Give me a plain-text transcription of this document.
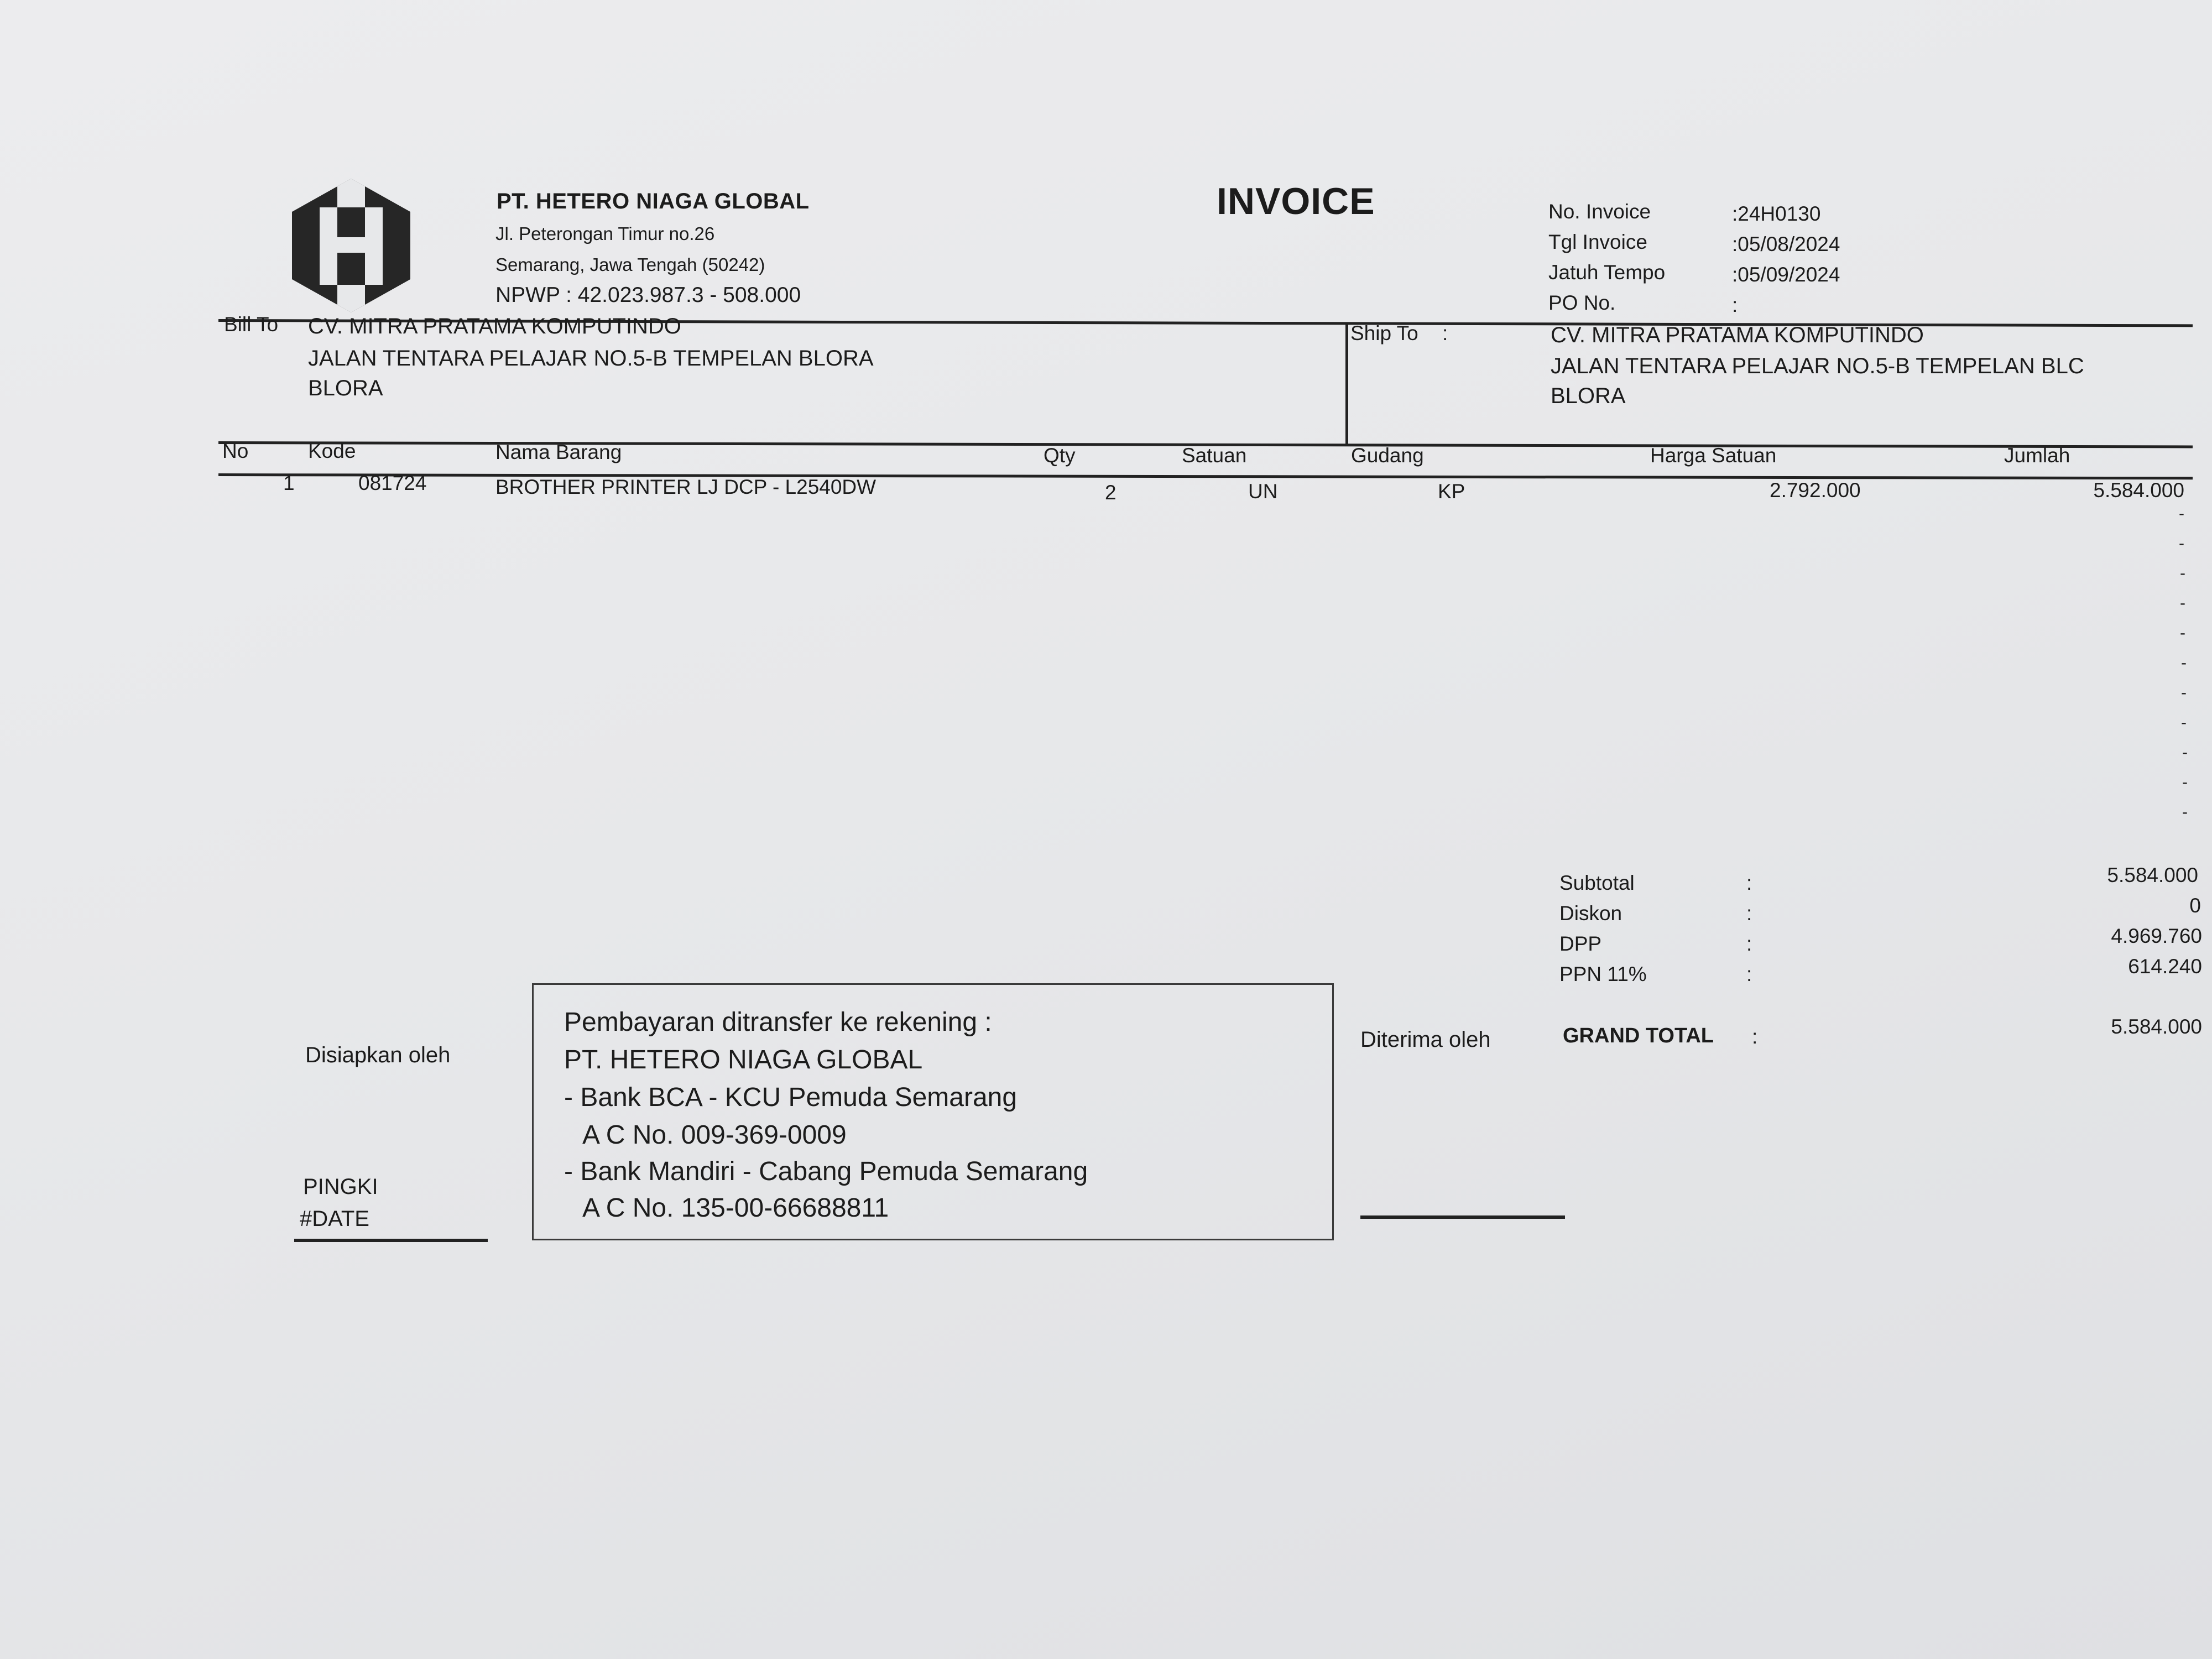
PT. HETERO NIAGA GLOBAL
Jl. Peterongan Timur no.26
Semarang, Jawa Tengah (50242)
NPWP : 42.023.987.3 - 508.000
INVOICE	No. Invoice	:24H0130
Tgl Invoice	:05/08/2024
Jatuh Tempo	:05/09/2024
PO No.	:
Bill To CV. MITRA PRATAMA KOMPUTINDO
JALAN TENTARA PELAJAR NO.5-B TEMPELAN BLORA
BLORA
Ship To :	CV. MITRA PRATAMA KOMPUTINDO
JALAN TENTARA PELAJAR NO.5-B TEMPELAN BLC
BLORA
No	Kode	Nama Barang	Qty	Satuan	Gudang	Harga Satuan	Jumlah
1	081724	BROTHER PRINTER LJ DCP - L2540DW	2	UN	KP	2.792.000	5.584.000
-
-
-
-
-
-
-
-
-
-
-
Subtotal	:	5.584.000
Diskon	:	0
DPP	:	4.969.760
PPN 11%	:	614.240
GRAND TOTAL :	5.584.000
Disiapkan oleh
PINGKI
#DATE
Pembayaran ditransfer ke rekening :
PT. HETERO NIAGA GLOBAL
- Bank BCA - KCU Pemuda Semarang
A C No. 009-369-0009
- Bank Mandiri - Cabang Pemuda Semarang
A C No. 135-00-66688811
Diterima oleh
